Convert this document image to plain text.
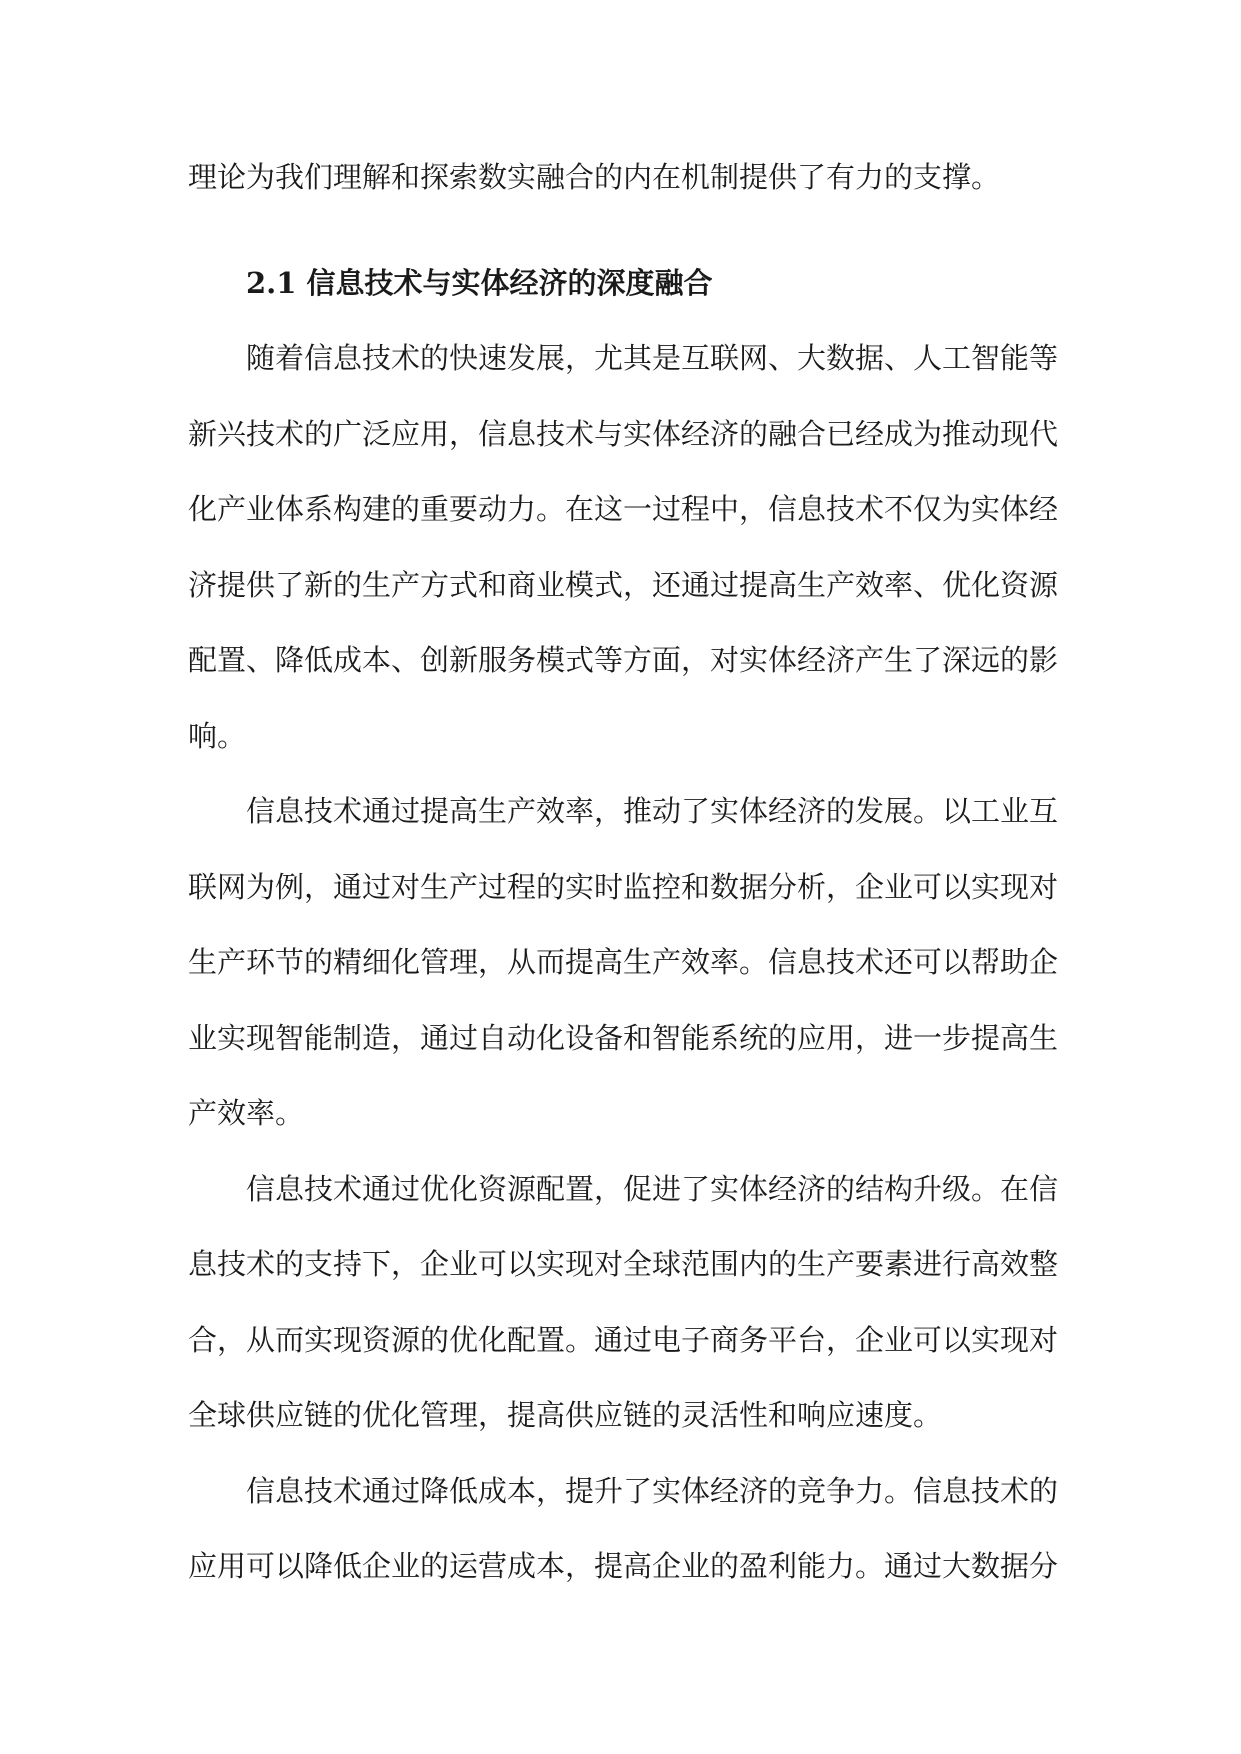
理论为我们理解和探索数实融合的内在机制提供了有力的支撑。
2.1 信息技术与实体经济的深度融合
随着信息技术的快速发展，尤其是互联网、大数据、人工智能等
新兴技术的广泛应用，信息技术与实体经济的融合已经成为推动现代
化产业体系构建的重要动力。在这一过程中，信息技术不仅为实体经
济提供了新的生产方式和商业模式，还通过提高生产效率、优化资源
配置、降低成本、创新服务模式等方面，对实体经济产生了深远的影
响。
信息技术通过提高生产效率，推动了实体经济的发展。以工业互
联网为例，通过对生产过程的实时监控和数据分析，企业可以实现对
生产环节的精细化管理，从而提高生产效率。信息技术还可以帮助企
业实现智能制造，通过自动化设备和智能系统的应用，进一步提高生
产效率。
信息技术通过优化资源配置，促进了实体经济的结构升级。在信
息技术的支持下，企业可以实现对全球范围内的生产要素进行高效整
合，从而实现资源的优化配置。通过电子商务平台，企业可以实现对
全球供应链的优化管理，提高供应链的灵活性和响应速度。
信息技术通过降低成本，提升了实体经济的竞争力。信息技术的
应用可以降低企业的运营成本，提高企业的盈利能力。通过大数据分
